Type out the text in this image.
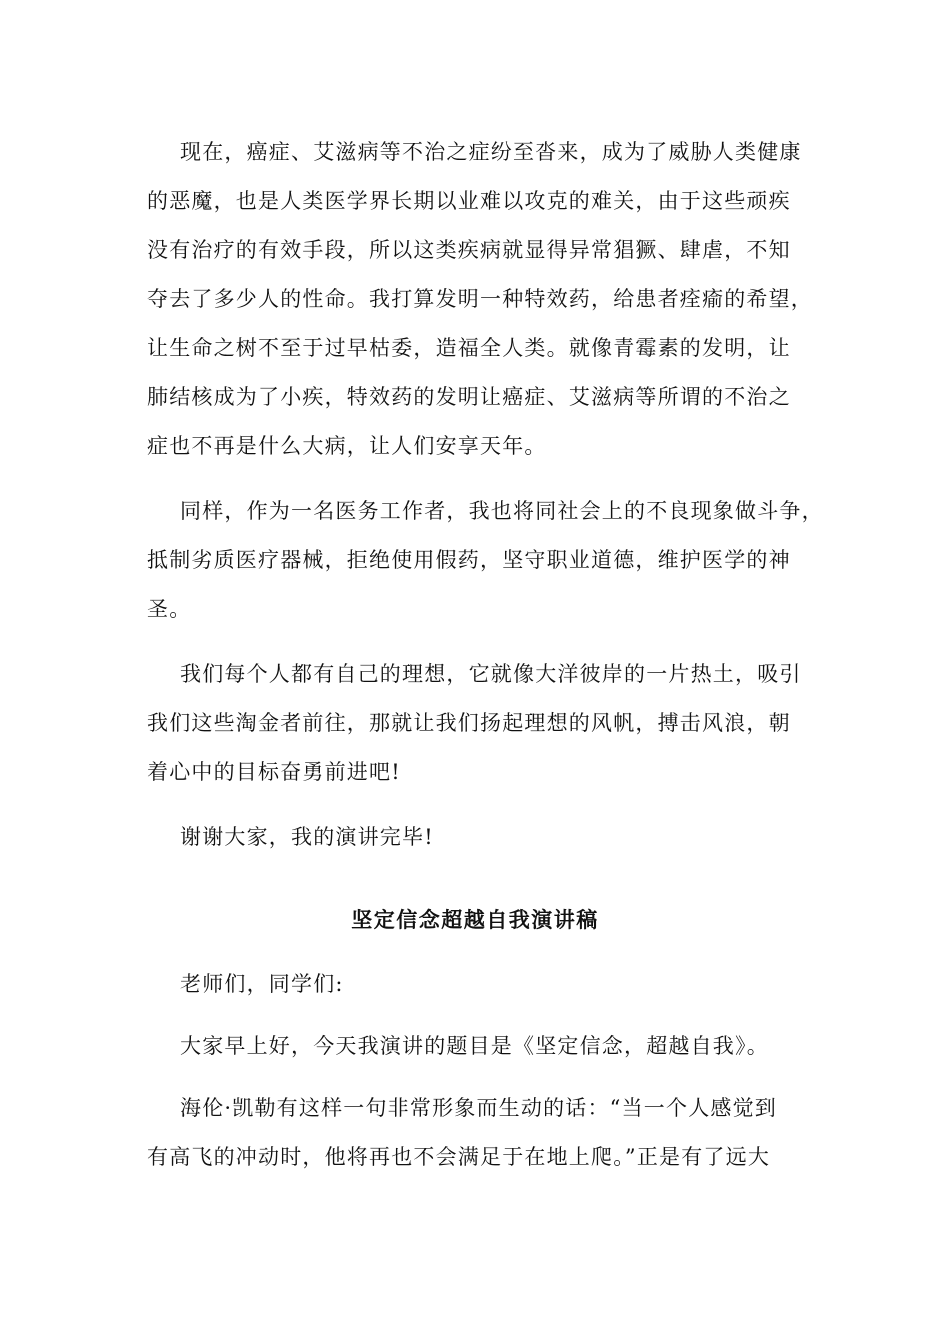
现在，癌症、艾滋病等不治之症纷至沓来，成为了威胁人类健康
的恶魔，也是人类医学界长期以业难以攻克的难关，由于这些顽疾
没有治疗的有效手段，所以这类疾病就显得异常猖獗、肆虐，不知
夺去了多少人的性命。我打算发明一种特效药，给患者痊瘉的希望，
让生命之树不至于过早枯委，造福全人类。就像青霉素的发明，让
肺结核成为了小疾，特效药的发明让癌症、艾滋病等所谓的不治之
症也不再是什么大病，让人们安享天年。
同样，作为一名医务工作者，我也将同社会上的不良现象做斗争，
抵制劣质医疗器械，拒绝使用假药，坚守职业道德，维护医学的神
圣。
我们每个人都有自己的理想，它就像大洋彼岸的一片热土，吸引
我们这些淘金者前往，那就让我们扬起理想的风帆，搏击风浪，朝
着心中的目标奋勇前进吧!
谢谢大家，我的演讲完毕!
坚定信念超越自我演讲稿
老师们，同学们:
大家早上好，今天我演讲的题目是《坚定信念，超越自我》。
海伦·凯勒有这样一句非常形象而生动的话：“当一个人感觉到
有高飞的冲动时，他将再也不会满足于在地上爬。”正是有了远大
